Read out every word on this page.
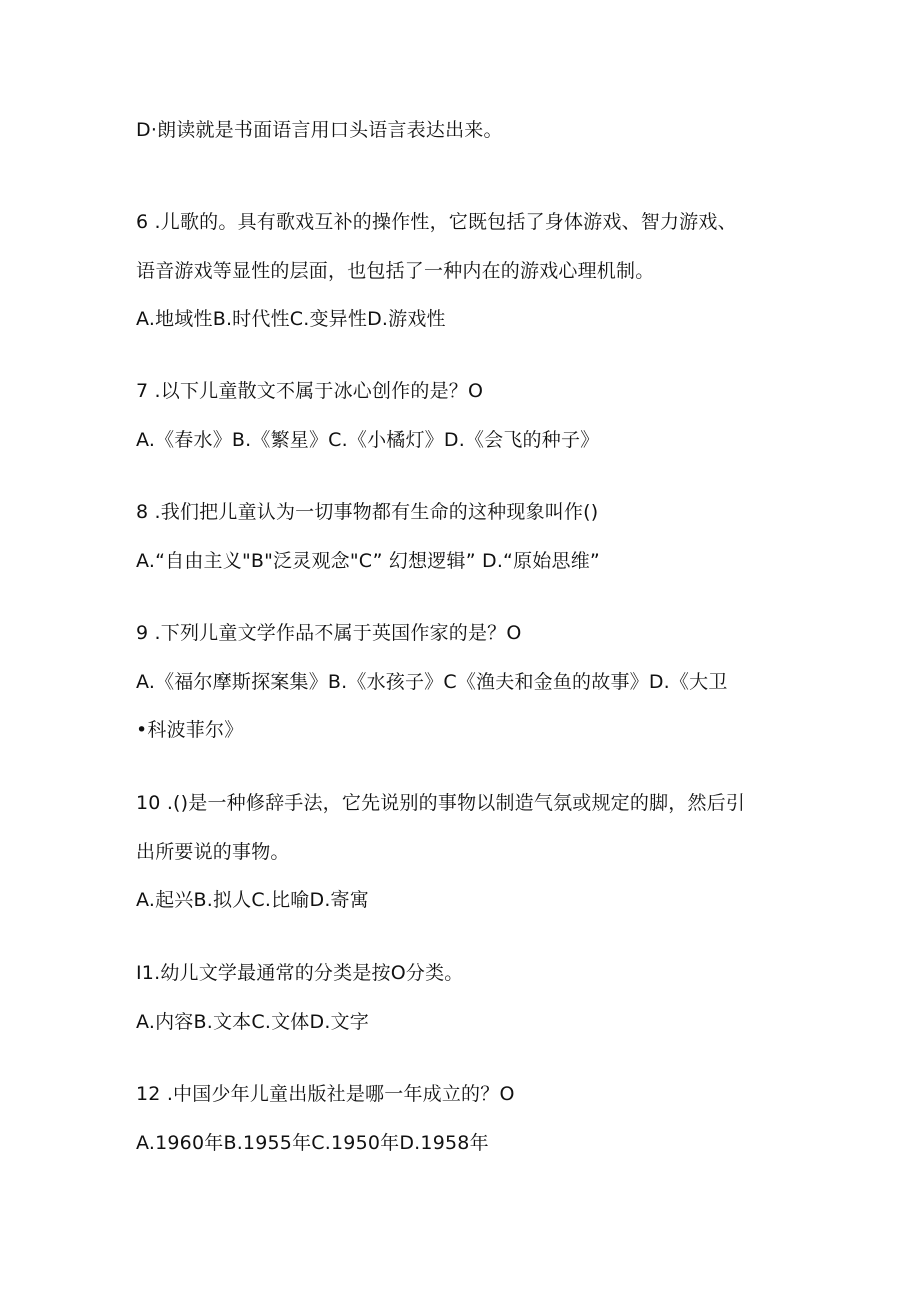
D·朗读就是书面语言用口头语言表达出来。
6 .儿歌的。具有歌戏互补的操作性，它既包括了身体游戏、智力游戏、
语音游戏等显性的层面，也包括了一种内在的游戏心理机制。
A.地域性B.时代性C.变异性D.游戏性
7 .以下儿童散文不属于冰心创作的是？O
A.《春水》B.《繁星》C.《小橘灯》D.《会飞的种子》
8 .我们把儿童认为一切事物都有生命的这种现象叫作()
A.“自由主义"B"泛灵观念"C” 幻想逻辑” D.“原始思维”
9 .下列儿童文学作品不属于英国作家的是？O
A.《福尔摩斯探案集》B.《水孩子》C《渔夫和金鱼的故事》D.《大卫
•科波菲尔》
10 .()是一种修辞手法，它先说别的事物以制造气氛或规定的脚，然后引
出所要说的事物。
A.起兴B.拟人C.比喻D.寄寓
I1.幼儿文学最通常的分类是按O分类。
A.内容B.文本C.文体D.文字
12 .中国少年儿童出版社是哪一年成立的？O
A.1960年B.1955年C.1950年D.1958年
